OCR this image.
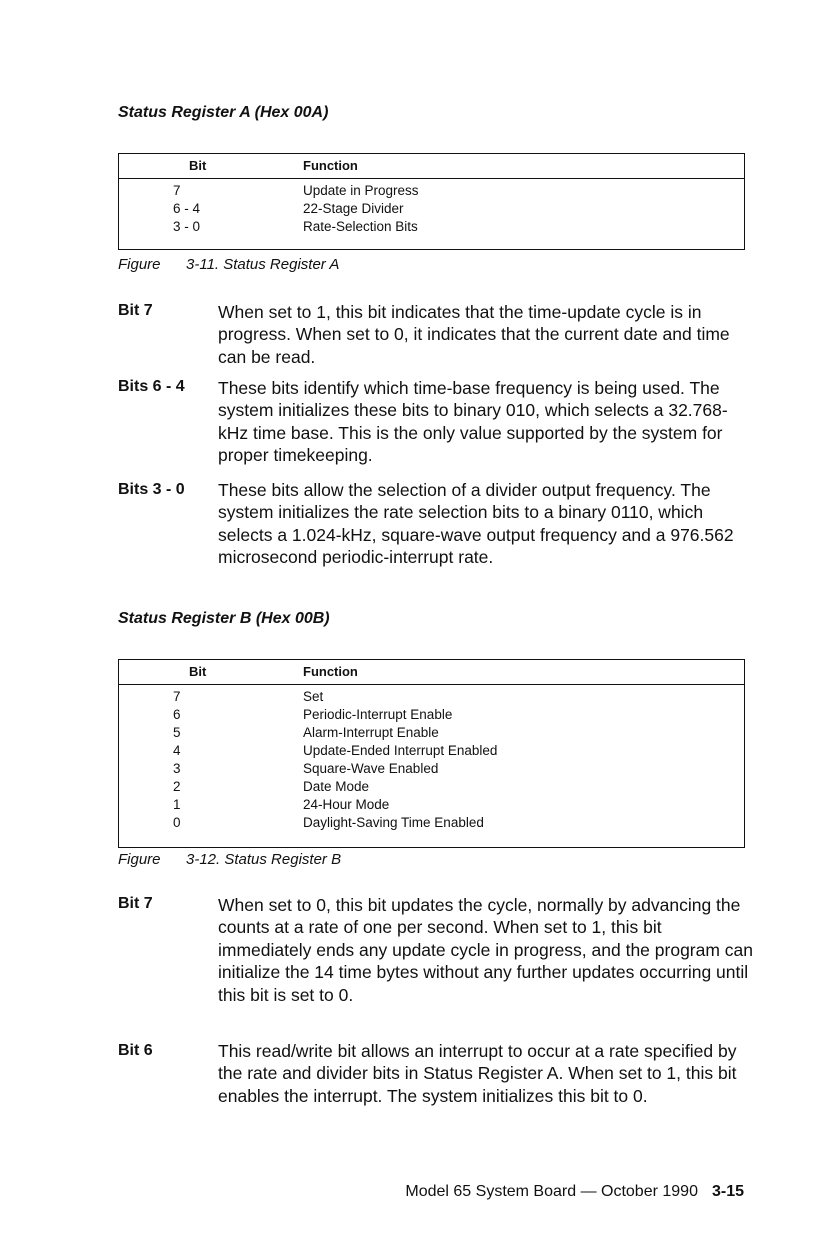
Status Register A (Hex 00A)
Bit	Function
7	Update in Progress
6 - 4	22-Stage Divider
3 - 0	Rate-Selection Bits
Figure 3-11. Status Register A
Bit 7	When set to 1, this bit indicates that the time-update cycle is in progress. When set to 0, it indicates that the current date and time can be read.
Bits 6 - 4 These bits identify which time-base frequency is being used. The system initializes these bits to binary 010, which selects a 32.768-kHz time base. This is the only value supported by the system for proper timekeeping.
Bits 3 - 0 These bits allow the selection of a divider output frequency. The system initializes the rate selection bits to a binary 0110, which selects a 1.024-kHz, square-wave output frequency and a 976.562 microsecond periodic-interrupt rate.
Status Register B (Hex 00B)
Bit	Function
7	Set
6	Periodic-Interrupt Enable
5	Alarm-Interrupt Enable
4	Update-Ended Interrupt Enabled
3	Square-Wave Enabled
2	Date Mode
1	24-Hour Mode
0	Daylight-Saving Time Enabled
Figure 3-12. Status Register B
Bit 7	When set to 0, this bit updates the cycle, normally by advancing the counts at a rate of one per second. When set to 1, this bit immediately ends any update cycle in progress, and the program can initialize the 14 time bytes without any further updates occurring until this bit is set to 0.
Bit 6	This read/write bit allows an interrupt to occur at a rate specified by the rate and divider bits in Status Register A. When set to 1, this bit enables the interrupt. The system initializes this bit to 0.
Model 65 System Board — October 1990 3-15
